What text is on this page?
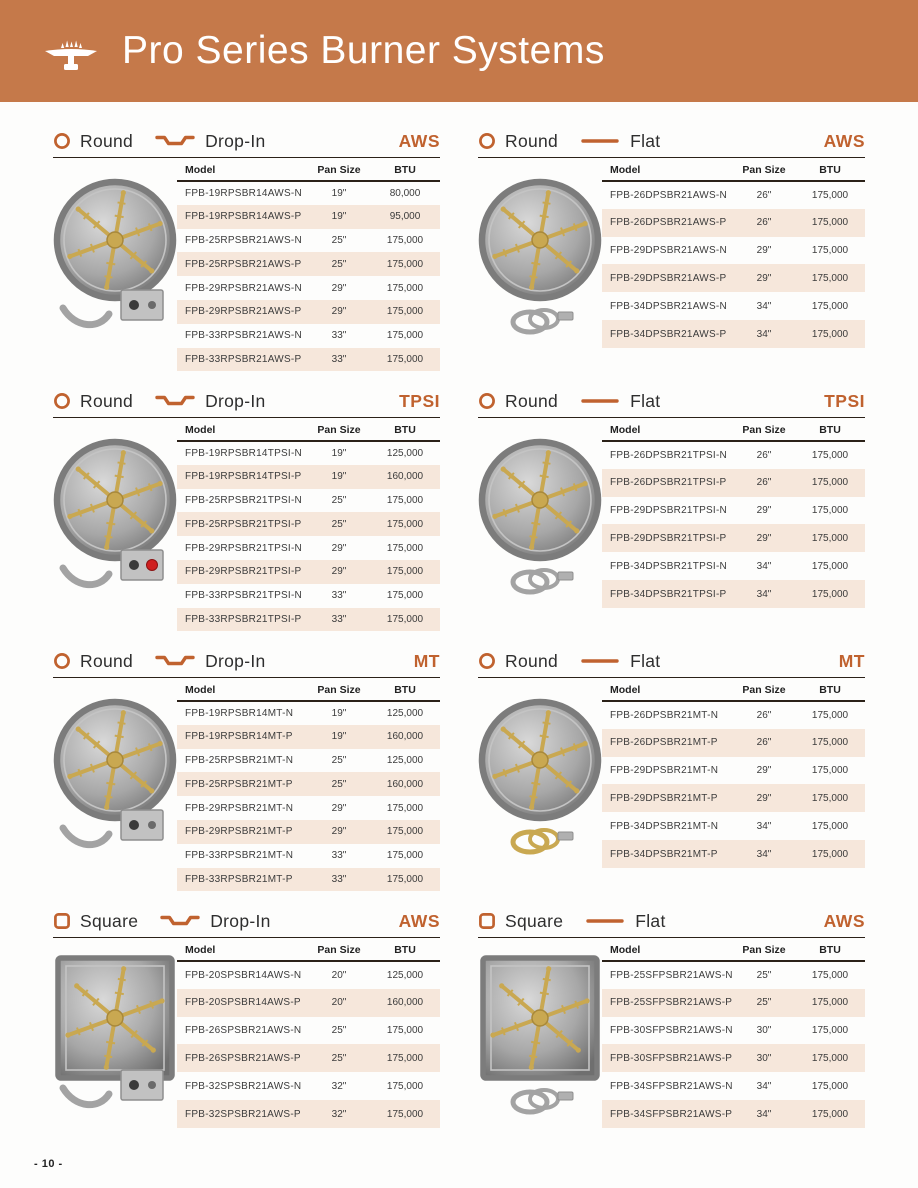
Pro Series Burner Systems
Round	Drop-In	AWS
Model	Pan Size	BTU
FPB-19RPSBR14AWS-N	19"	80,000
FPB-19RPSBR14AWS-P	19"	95,000
FPB-25RPSBR21AWS-N	25"	175,000
FPB-25RPSBR21AWS-P	25"	175,000
FPB-29RPSBR21AWS-N	29"	175,000
FPB-29RPSBR21AWS-P	29"	175,000
FPB-33RPSBR21AWS-N	33"	175,000
FPB-33RPSBR21AWS-P	33"	175,000
Round	Flat	AWS
Model	Pan Size	BTU
FPB-26DPSBR21AWS-N	26"	175,000
FPB-26DPSBR21AWS-P	26"	175,000
FPB-29DPSBR21AWS-N	29"	175,000
FPB-29DPSBR21AWS-P	29"	175,000
FPB-34DPSBR21AWS-N	34"	175,000
FPB-34DPSBR21AWS-P	34"	175,000
Round	Drop-In	TPSI
Model	Pan Size	BTU
FPB-19RPSBR14TPSI-N	19"	125,000
FPB-19RPSBR14TPSI-P	19"	160,000
FPB-25RPSBR21TPSI-N	25"	175,000
FPB-25RPSBR21TPSI-P	25"	175,000
FPB-29RPSBR21TPSI-N	29"	175,000
FPB-29RPSBR21TPSI-P	29"	175,000
FPB-33RPSBR21TPSI-N	33"	175,000
FPB-33RPSBR21TPSI-P	33"	175,000
Round	Flat	TPSI
Model	Pan Size	BTU
FPB-26DPSBR21TPSI-N	26"	175,000
FPB-26DPSBR21TPSI-P	26"	175,000
FPB-29DPSBR21TPSI-N	29"	175,000
FPB-29DPSBR21TPSI-P	29"	175,000
FPB-34DPSBR21TPSI-N	34"	175,000
FPB-34DPSBR21TPSI-P	34"	175,000
Round	Drop-In	MT
Model	Pan Size	BTU
FPB-19RPSBR14MT-N	19"	125,000
FPB-19RPSBR14MT-P	19"	160,000
FPB-25RPSBR21MT-N	25"	125,000
FPB-25RPSBR21MT-P	25"	160,000
FPB-29RPSBR21MT-N	29"	175,000
FPB-29RPSBR21MT-P	29"	175,000
FPB-33RPSBR21MT-N	33"	175,000
FPB-33RPSBR21MT-P	33"	175,000
Round	Flat	MT
Model	Pan Size	BTU
FPB-26DPSBR21MT-N	26"	175,000
FPB-26DPSBR21MT-P	26"	175,000
FPB-29DPSBR21MT-N	29"	175,000
FPB-29DPSBR21MT-P	29"	175,000
FPB-34DPSBR21MT-N	34"	175,000
FPB-34DPSBR21MT-P	34"	175,000
Square	Drop-In	AWS
Model	Pan Size	BTU
FPB-20SPSBR14AWS-N	20"	125,000
FPB-20SPSBR14AWS-P	20"	160,000
FPB-26SPSBR21AWS-N	25"	175,000
FPB-26SPSBR21AWS-P	25"	175,000
FPB-32SPSBR21AWS-N	32"	175,000
FPB-32SPSBR21AWS-P	32"	175,000
Square	Flat	AWS
Model	Pan Size	BTU
FPB-25SFPSBR21AWS-N	25"	175,000
FPB-25SFPSBR21AWS-P	25"	175,000
FPB-30SFPSBR21AWS-N	30"	175,000
FPB-30SFPSBR21AWS-P	30"	175,000
FPB-34SFPSBR21AWS-N	34"	175,000
FPB-34SFPSBR21AWS-P	34"	175,000
- 10 -
